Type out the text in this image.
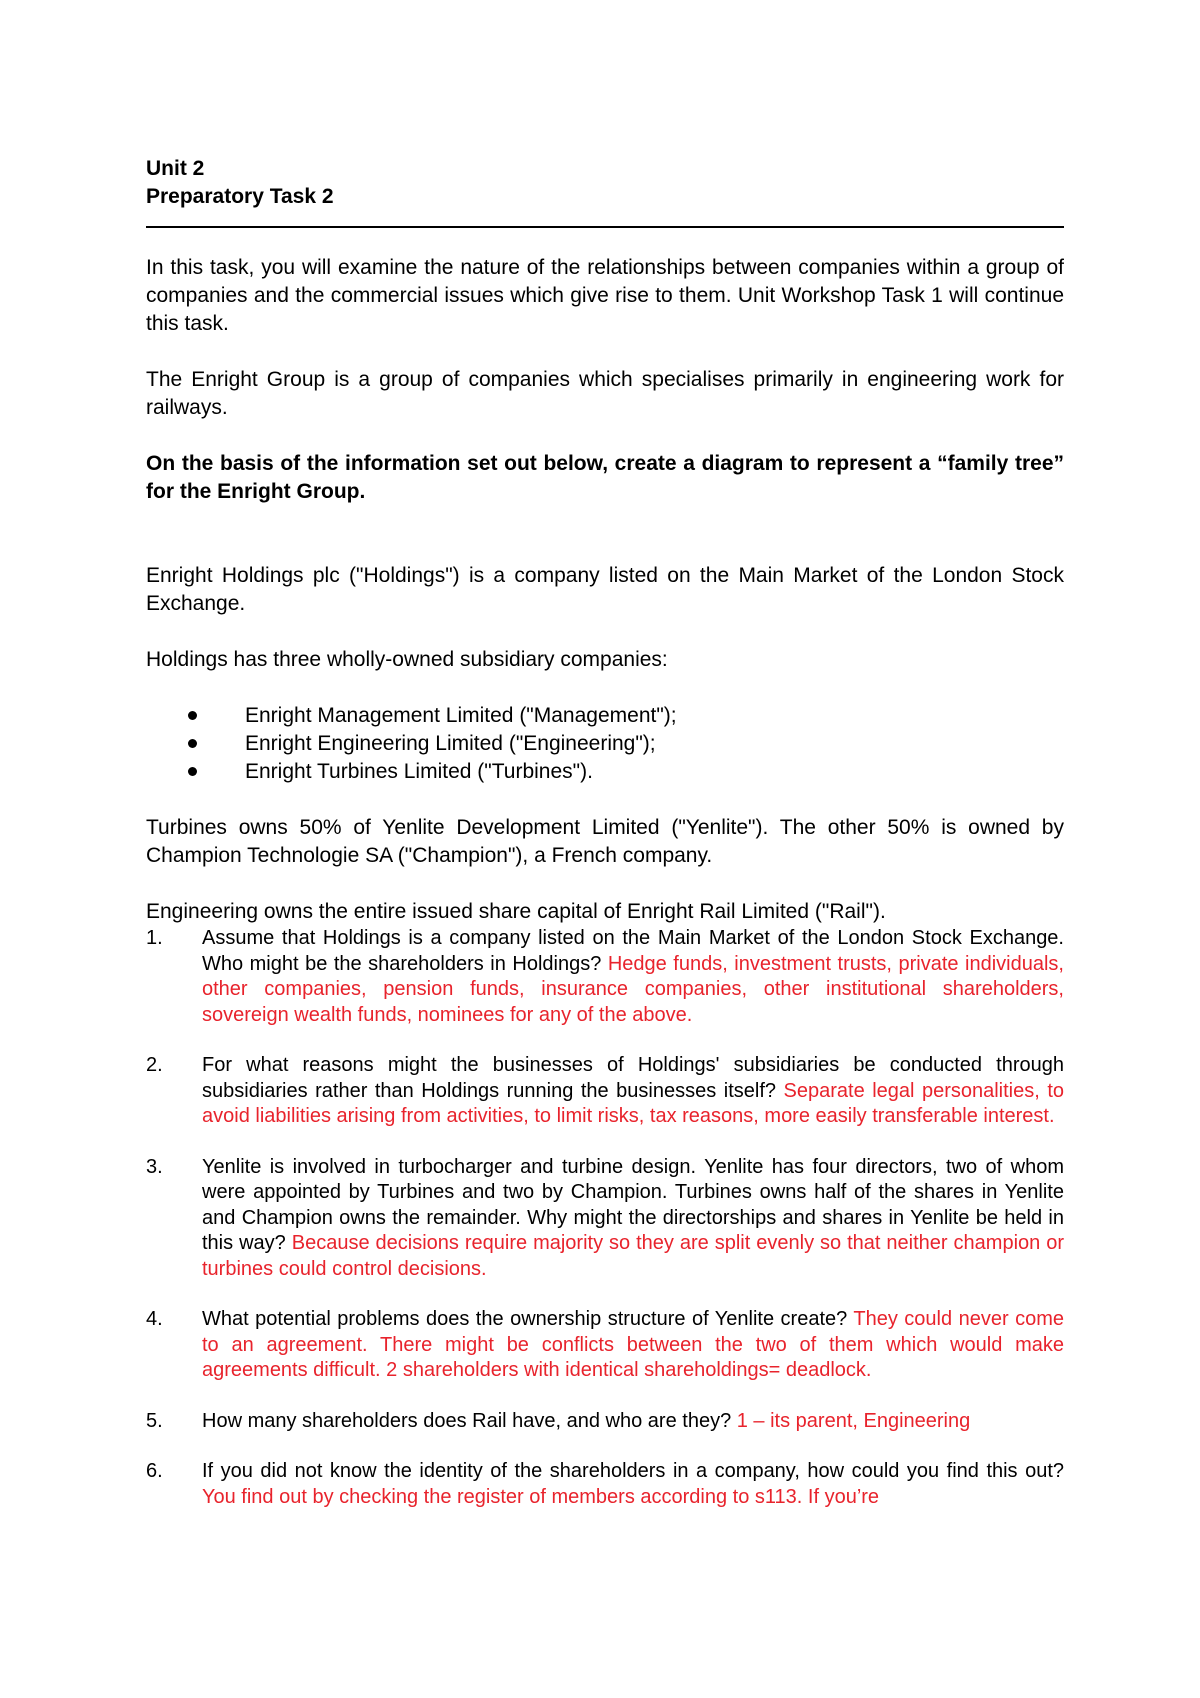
Unit 2
Preparatory Task 2

In this task, you will examine the nature of the relationships between companies within a group of companies and the commercial issues which give rise to them. Unit Workshop Task 1 will continue this task.

The Enright Group is a group of companies which specialises primarily in engineering work for railways.

On the basis of the information set out below, create a diagram to represent a “family tree” for the Enright Group.

Enright Holdings plc ("Holdings") is a company listed on the Main Market of the London Stock Exchange.

Holdings has three wholly-owned subsidiary companies:

Enright Management Limited ("Management");
Enright Engineering Limited ("Engineering");
Enright Turbines Limited ("Turbines").

Turbines owns 50% of Yenlite Development Limited ("Yenlite"). The other 50% is owned by Champion Technologie SA ("Champion"), a French company.

Engineering owns the entire issued share capital of Enright Rail Limited ("Rail").

1. Assume that Holdings is a company listed on the Main Market of the London Stock Exchange. Who might be the shareholders in Holdings? Hedge funds, investment trusts, private individuals, other companies, pension funds, insurance companies, other institutional shareholders, sovereign wealth funds, nominees for any of the above.
2. For what reasons might the businesses of Holdings' subsidiaries be conducted through subsidiaries rather than Holdings running the businesses itself? Separate legal personalities, to avoid liabilities arising from activities, to limit risks, tax reasons, more easily transferable interest.
3. Yenlite is involved in turbocharger and turbine design. Yenlite has four directors, two of whom were appointed by Turbines and two by Champion. Turbines owns half of the shares in Yenlite and Champion owns the remainder. Why might the directorships and shares in Yenlite be held in this way? Because decisions require majority so they are split evenly so that neither champion or turbines could control decisions.
4. What potential problems does the ownership structure of Yenlite create? They could never come to an agreement. There might be conflicts between the two of them which would make agreements difficult. 2 shareholders with identical shareholdings= deadlock.
5. How many shareholders does Rail have, and who are they? 1 – its parent, Engineering
6. If you did not know the identity of the shareholders in a company, how could you find this out? You find out by checking the register of members according to s113. If you’re
